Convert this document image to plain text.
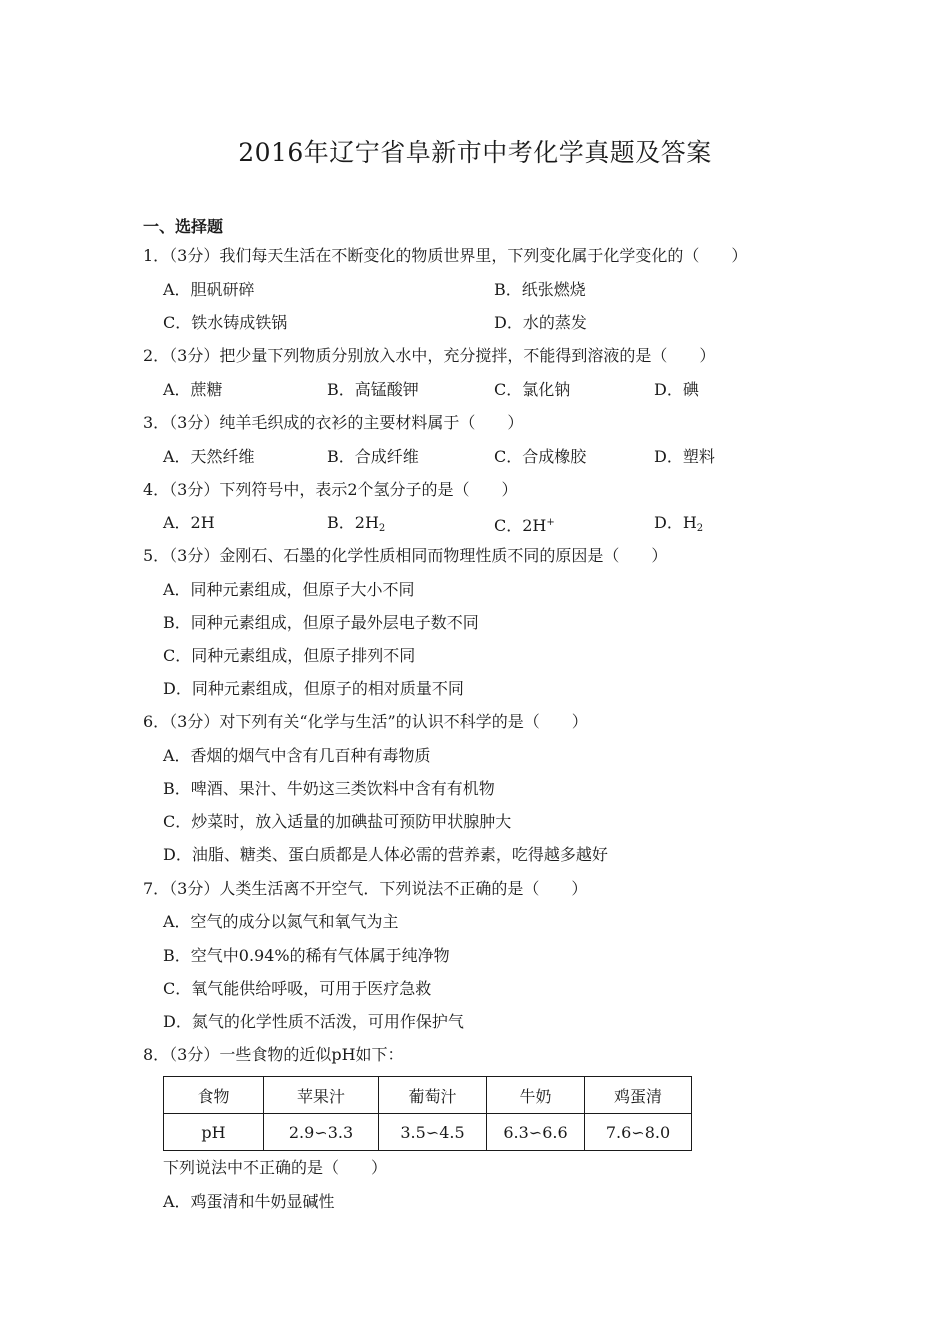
2016年辽宁省阜新市中考化学真题及答案
一、选择题
1．（3分）我们每天生活在不断变化的物质世界里，下列变化属于化学变化的（　　）
A．胆矾研碎	B．纸张燃烧
C．铁水铸成铁锅	D．水的蒸发
2．（3分）把少量下列物质分别放入水中，充分搅拌，不能得到溶液的是（　　）
A．蔗糖	B．高锰酸钾	C．氯化钠	D．碘
3．（3分）纯羊毛织成的衣衫的主要材料属于（　　）
A．天然纤维	B．合成纤维	C．合成橡胶	D．塑料
4．（3分）下列符号中，表示2个氢分子的是（　　）
A．2H	B．$2H_2$	C．2H+	D．$H_2$
5．（3分）金刚石、石墨的化学性质相同而物理性质不同的原因是（　　）
A．同种元素组成，但原子大小不同
B．同种元素组成，但原子最外层电子数不同
C．同种元素组成，但原子排列不同
D．同种元素组成，但原子的相对质量不同
6．（3分）对下列有关“化学与生活”的认识不科学的是（　　）
A．香烟的烟气中含有几百种有毒物质
B．啤酒、果汁、牛奶这三类饮料中含有有机物
C．炒菜时，放入适量的加碘盐可预防甲状腺肿大
D．油脂、糖类、蛋白质都是人体必需的营养素，吃得越多越好
7．（3分）人类生活离不开空气．下列说法不正确的是（　　）
A．空气的成分以氮气和氧气为主
B．空气中0.94%的稀有气体属于纯净物
C．氧气能供给呼吸，可用于医疗急救
D．氮气的化学性质不活泼，可用作保护气
8．（3分）一些食物的近似pH如下：
食物	苹果汁	葡萄汁	牛奶	鸡蛋清
pH	2.9∽3.3	3.5∽4.5	6.3∽6.6	7.6∽8.0
下列说法中不正确的是（　　）
A．鸡蛋清和牛奶显碱性
